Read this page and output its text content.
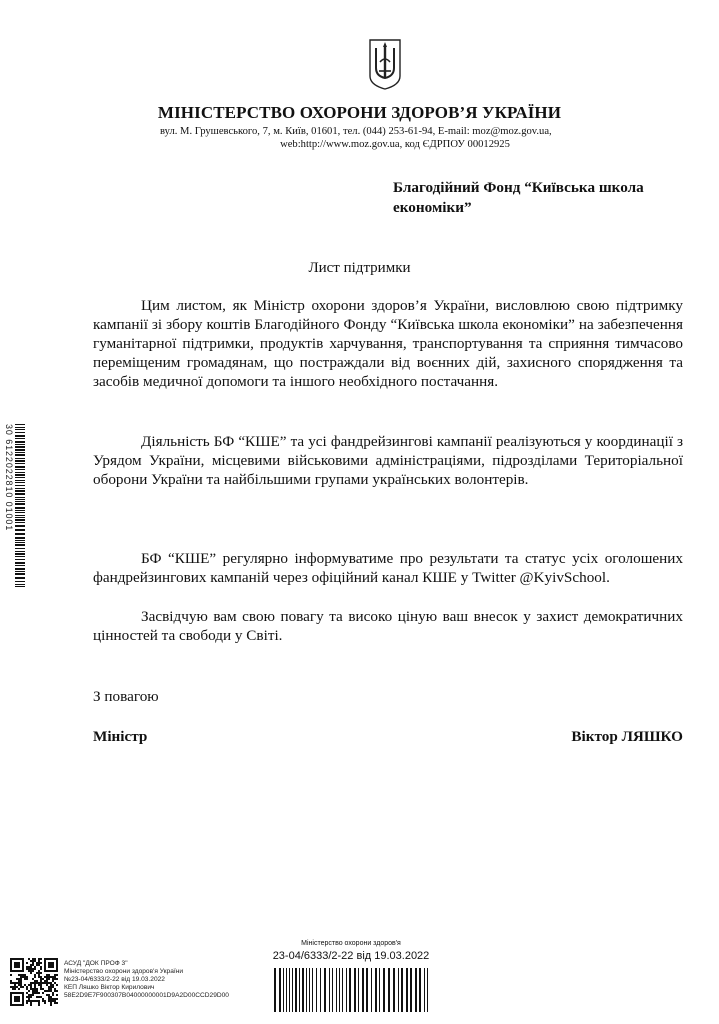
МІНІСТЕРСТВО ОХОРОНИ ЗДОРОВ’Я УКРАЇНИ
вул. М. Грушевського, 7, м. Київ, 01601, тел. (044) 253-61-94, E-mail: moz@moz.gov.ua,
web:http://www.moz.gov.ua, код ЄДРПОУ 00012925
Благодійний Фонд “Київська школа
економіки”
Лист підтримки

Цим листом, як Міністр охорони здоров’я України, висловлюю свою підтримку кампанії зі збору коштів Благодійного Фонду “Київська школа економіки” на забезпечення гуманітарної підтримки, продуктів харчування, транспортування та сприяння тимчасово переміщеним громадянам, що постраждали від воєнних дій, захисного спорядження та засобів медичної допомоги та іншого необхідного постачання.

Діяльність БФ “КШЕ” та усі фандрейзингові кампанії реалізуються у координації з Урядом України, місцевими військовими адміністраціями, підрозділами Територіальної оборони України та найбільшими групами українських волонтерів.

БФ “КШЕ” регулярно інформуватиме про результати та статус усіх оголошених фандрейзингових кампаній через офіційний канал КШЕ у Twitter @KyivSchool.

Засвідчую вам свою повагу та високо ціную ваш внесок у захист демократичних цінностей та свободи у Світі.

З повагою
Міністр	Віктор ЛЯШКО
30 6122022810 01001
АСУД "ДОК ПРОФ 3"
Міністерство охорони здоров'я України
№23-04/6333/2-22 від 19.03.2022
КЕП Ляшко Віктор Кирилович
58E2D9E7F900307B04000000001D9A2D00CCD29D00
Міністерство охорони здоров'я
23-04/6333/2-22 від 19.03.2022
